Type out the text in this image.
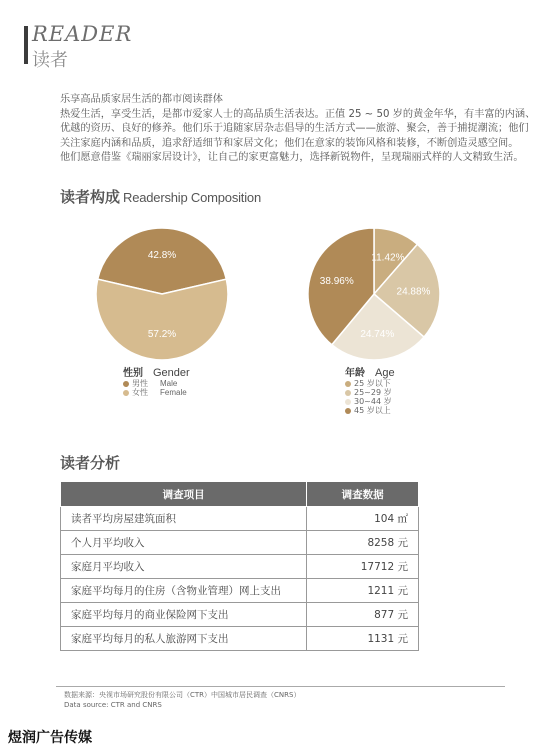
READER
读者

乐享高品质家居生活的都市阅读群体

热爱生活，享受生活，是都市爱家人士的高品质生活表达。正值 25 ~ 50 岁的黄金年华，有丰富的内涵、

优越的资历、良好的修养。他们乐于追随家居杂志倡导的生活方式——旅游、聚会，善于捕捉潮流；他们

关注家庭内涵和品质，追求舒适细节和家居文化；他们在意家的装饰风格和装修，不断创造灵感空间。

他们愿意借鉴《瑞丽家居设计》，让自己的家更富魅力，选择新锐物件，呈现瑞丽式样的人文精致生活。

读者构成 Readership Composition
42.8%
57.2%
11.42%
24.88%
24.74%
38.96%
性别 Gender
男性 Male
女性 Female
年龄 Age
25 岁以下
25~29 岁
30~44 岁
45 岁以上
读者分析
调查项目	调查数据
读者平均房屋建筑面积	104 ㎡
个人月平均收入	8258 元
家庭月平均收入	17712 元
家庭平均每月的住房（含物业管理）网上支出	1211 元
家庭平均每月的商业保险网下支出	877 元
家庭平均每月的私人旅游网下支出	1131 元
数据来源：央视市场研究股份有限公司（CTR）中国城市居民调查（CNRS）
Data source: CTR and CNRS
煜润广告传媒
